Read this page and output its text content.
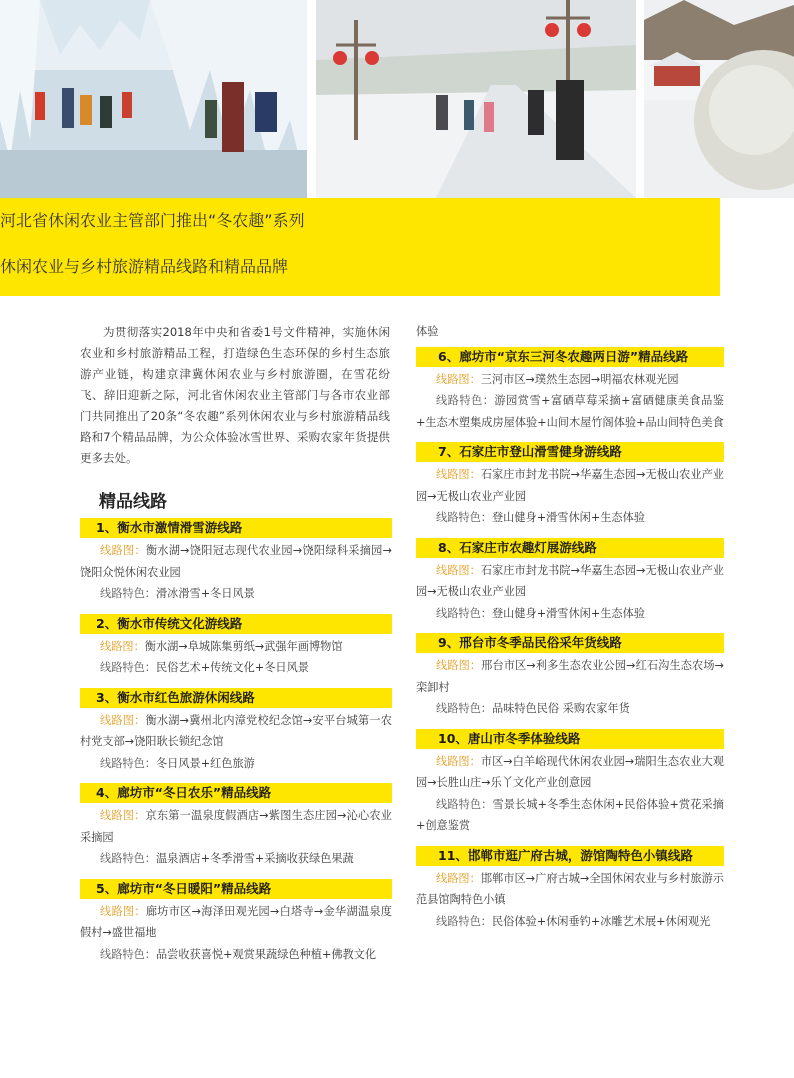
河北省休闲农业主管部门推出“冬农趣”系列
休闲农业与乡村旅游精品线路和精品品牌
为贯彻落实2018年中央和省委1号文件精神，实施休闲农业和乡村旅游精品工程，打造绿色生态环保的乡村生态旅游产业链，构建京津冀休闲农业与乡村旅游圈，在雪花纷飞、辞旧迎新之际，河北省休闲农业主管部门与各市农业部门共同推出了20条“冬农趣”系列休闲农业与乡村旅游精品线路和7个精品品牌，为公众体验冰雪世界、采购农家年货提供更多去处。
精品线路
1、衡水市激情滑雪游线路
线路图：衡水湖→饶阳冠志现代农业园→饶阳绿科采摘园→饶阳众悦休闲农业园
线路特色：滑冰滑雪+冬日风景
2、衡水市传统文化游线路
线路图：衡水湖→阜城陈集剪纸→武强年画博物馆
线路特色：民俗艺术+传统文化+冬日风景
3、衡水市红色旅游休闲线路
线路图：衡水湖→冀州北内漳党校纪念馆→安平台城第一农村党支部→饶阳耿长锁纪念馆
线路特色：冬日风景+红色旅游
4、廊坊市“冬日农乐”精品线路
线路图：京东第一温泉度假酒店→紫图生态庄园→沁心农业采摘园
线路特色：温泉酒店+冬季滑雪+采摘收获绿色果蔬
5、廊坊市“冬日暖阳”精品线路
线路图：廊坊市区→海泽田观光园→白塔寺→金华湖温泉度假村→盛世福地
线路特色：品尝收获喜悦+观赏果蔬绿色种植+佛教文化
体验
6、廊坊市“京东三河冬农趣两日游”精品线路
线路图：三河市区→璞然生态园→明福农林观光园
线路特色：游园赏雪+富硒草莓采摘+富硒健康美食品鉴+生态木塑集成房屋体验+山间木屋竹阁体验+品山间特色美食
7、石家庄市登山滑雪健身游线路
线路图：石家庄市封龙书院→华嘉生态园→无极山农业产业园→无极山农业产业园
线路特色：登山健身+滑雪休闲+生态体验
8、石家庄市农趣灯展游线路
线路图：石家庄市封龙书院→华嘉生态园→无极山农业产业园→无极山农业产业园
线路特色：登山健身+滑雪休闲+生态体验
9、邢台市冬季品民俗采年货线路
线路图：邢台市区→利多生态农业公园→红石沟生态农场→栾卸村
线路特色：品味特色民俗 采购农家年货
10、唐山市冬季体验线路
线路图：市区→白羊峪现代休闲农业园→瑞阳生态农业大观园→长胜山庄→乐丫文化产业创意园
线路特色：雪景长城+冬季生态休闲+民俗体验+赏花采摘+创意鉴赏
11、邯郸市逛广府古城，游馆陶特色小镇线路
线路图：邯郸市区→广府古城→全国休闲农业与乡村旅游示范县馆陶特色小镇
线路特色：民俗体验+休闲垂钓+冰雕艺术展+休闲观光
